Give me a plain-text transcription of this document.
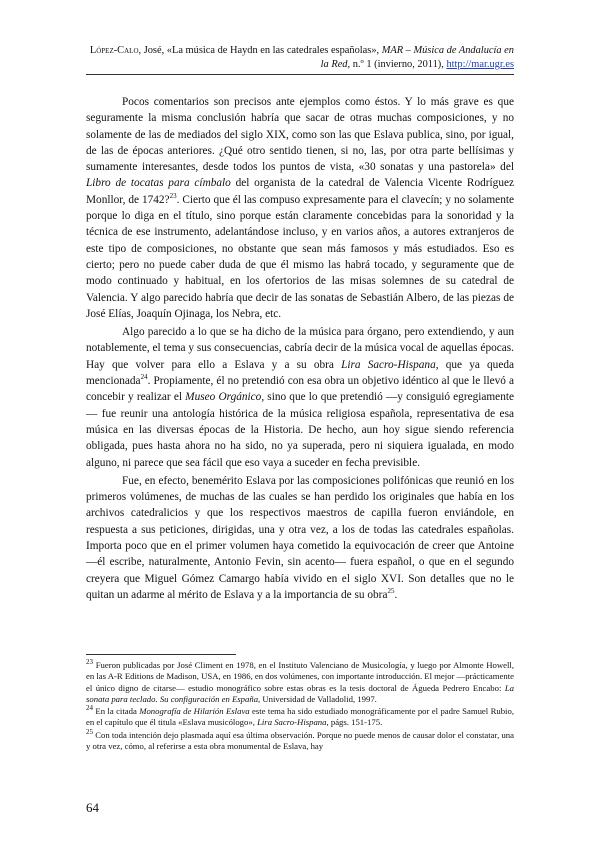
López-Calo, José, «La música de Haydn en las catedrales españolas», MAR – Música de Andalucía en la Red, n.º 1 (invierno, 2011), http://mar.ugr.es

Pocos comentarios son precisos ante ejemplos como éstos. Y lo más grave es que seguramente la misma conclusión habría que sacar de otras muchas composiciones, y no solamente de las de mediados del siglo XIX, como son las que Eslava publica, sino, por igual, de las de épocas anteriores. ¿Qué otro sentido tienen, si no, las, por otra parte bellísimas y sumamente interesantes, desde todos los puntos de vista, «30 sonatas y una pastorela» del Libro de tocatas para címbalo del organista de la catedral de Valencia Vicente Rodríguez Monllor, de 1742?$^{23}$. Cierto que él las compuso expresamente para el clavecín; y no solamente porque lo diga en el título, sino porque están claramente concebidas para la sonoridad y la técnica de ese instrumento, adelantándose incluso, y en varios años, a autores extranjeros de este tipo de composiciones, no obstante que sean más famosos y más estudiados. Eso es cierto; pero no puede caber duda de que él mismo las habrá tocado, y seguramente que de modo continuado y habitual, en los ofertorios de las misas solemnes de su catedral de Valencia. Y algo parecido habría que decir de las sonatas de Sebastián Albero, de las piezas de José Elías, Joaquín Ojinaga, los Nebra, etc.

Algo parecido a lo que se ha dicho de la música para órgano, pero extendiendo, y aun notablemente, el tema y sus consecuencias, cabría decir de la música vocal de aquellas épocas. Hay que volver para ello a Eslava y a su obra Lira Sacro-Hispana, que ya queda mencionada$^{24}$. Propiamente, él no pretendió con esa obra un objetivo idéntico al que le llevó a concebir y realizar el Museo Orgánico, sino que lo que pretendió —y consiguió egregiamente— fue reunir una antología histórica de la música religiosa española, representativa de esa música en las diversas épocas de la Historia. De hecho, aun hoy sigue siendo referencia obligada, pues hasta ahora no ha sido, no ya superada, pero ni siquiera igualada, en modo alguno, ni parece que sea fácil que eso vaya a suceder en fecha previsible.

Fue, en efecto, benemérito Eslava por las composiciones polifónicas que reunió en los primeros volúmenes, de muchas de las cuales se han perdido los originales que había en los archivos catedralicios y que los respectivos maestros de capilla fueron enviándole, en respuesta a sus peticiones, dirigidas, una y otra vez, a los de todas las catedrales españolas. Importa poco que en el primer volumen haya cometido la equivocación de creer que Antoine —él escribe, naturalmente, Antonio Fevin, sin acento— fuera español, o que en el segundo creyera que Miguel Gómez Camargo había vivido en el siglo XVI. Son detalles que no le quitan un adarme al mérito de Eslava y a la importancia de su obra$^{25}$.

$^{23}$ Fueron publicadas por José Climent en 1978, en el Instituto Valenciano de Musicología, y luego por Almonte Howell, en las A-R Editions de Madison, USA, en 1986, en dos volúmenes, con importante introducción. El mejor —prácticamente el único digno de citarse— estudio monográfico sobre estas obras es la tesis doctoral de Águeda Pedrero Encabo: La sonata para teclado. Su configuración en España, Universidad de Valladolid, 1997.

$^{24}$ En la citada Monografía de Hilarión Eslava este tema ha sido estudiado monográficamente por el padre Samuel Rubio, en el capítulo que él titula «Eslava musicólogo», Lira Sacro-Hispana, págs. 151-175.

$^{25}$ Con toda intención dejo plasmada aquí esa última observación. Porque no puede menos de causar dolor el constatar, una y otra vez, cómo, al referirse a esta obra monumental de Eslava, hay

64
